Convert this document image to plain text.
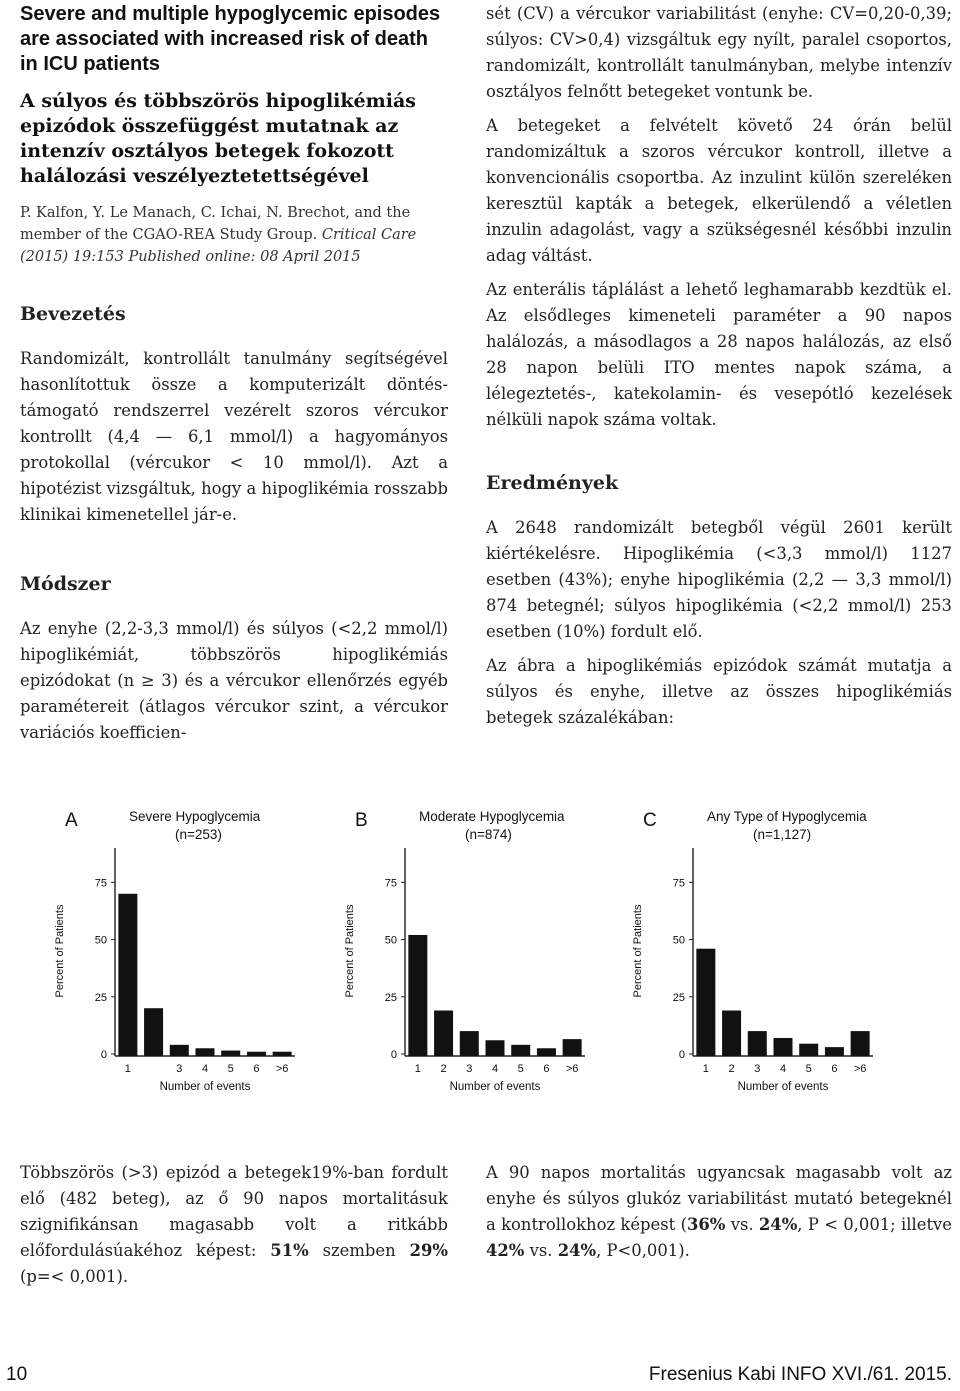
Severe and multiple hypoglycemic episodes are associated with increased risk of death in ICU patients
A súlyos és többszörös hipoglikémiás epizódok összefüggést mutatnak az intenzív osztályos betegek fokozott halálozási veszélyeztetettségével

P. Kalfon, Y. Le Manach, C. Ichai, N. Brechot, and the member of the CGAO-REA Study Group. Critical Care (2015) 19:153 Published online: 08 April 2015

Bevezetés

Randomizált, kontrollált tanulmány segítségével hasonlítottuk össze a komputerizált döntés-támogató rendszerrel vezérelt szoros vércukor kontrollt (4,4 — 6,1 mmol/l) a hagyományos protokollal (vércukor < 10 mmol/l). Azt a hipotézist vizsgáltuk, hogy a hipoglikémia rosszabb klinikai kimenetellel jár-e.

Módszer

Az enyhe (2,2-3,3 mmol/l) és súlyos (<2,2 mmol/l) hipoglikémiát, többszörös hipoglikémiás epizódokat (n ≥ 3) és a vércukor ellenőrzés egyéb paramétereit (átlagos vércukor szint, a vércukor variációs koefficien-

sét (CV) a vércukor variabilitást (enyhe: CV=0,20-0,39; súlyos: CV>0,4) vizsgáltuk egy nyílt, paralel csoportos, randomizált, kontrollált tanulmányban, melybe intenzív osztályos felnőtt betegeket vontunk be.

A betegeket a felvételt követő 24 órán belül randomizáltuk a szoros vércukor kontroll, illetve a konvencionális csoportba. Az inzulint külön szereléken keresztül kapták a betegek, elkerülendő a véletlen inzulin adagolást, vagy a szükségesnél későbbi inzulin adag váltást.

Az enterális táplálást a lehető leghamarabb kezdtük el. Az elsődleges kimeneteli paraméter a 90 napos halálozás, a másodlagos a 28 napos halálozás, az első 28 napon belüli ITO mentes napok száma, a lélegeztetés-, katekolamin- és vesepótló kezelések nélküli napok száma voltak.

Eredmények

A 2648 randomizált betegből végül 2601 került kiértékelésre. Hipoglikémia (<3,3 mmol/l) 1127 esetben (43%); enyhe hipoglikémia (2,2 — 3,3 mmol/l) 874 betegnél; súlyos hipoglikémia (<2,2 mmol/l) 253 esetben (10%) fordult elő.

Az ábra a hipoglikémiás epizódok számát mutatja a súlyos és enyhe, illetve az összes hipoglikémiás betegek százalékában:

A	Severe Hypoglycemia
(n=253)
0
25
50
75
Percent of Patients
1	3 4 5 6 >6
Number of events
B	Moderate Hypoglycemia
(n=874)
0
25
50
75
Percent of Patients
1 2 3 4 5 6 >6
Number of events
C	Any Type of Hypoglycemia
(n=1,127)
0
25
50
75
Percent of Patients
1 2 3 4 5 6 >6
Number of events

Többszörös (>3) epizód a betegek19%-ban fordult elő (482 beteg), az ő 90 napos mortalitásuk szignifikánsan magasabb volt a ritkább előfordulásúakéhoz képest: 51% szemben 29% (p=< 0,001).

A 90 napos mortalitás ugyancsak magasabb volt az enyhe és súlyos glukóz variabilitást mutató betegeknél a kontrollokhoz képest (36% vs. 24%, P < 0,001; illetve 42% vs. 24%, P<0,001).

10	Fresenius Kabi INFO XVI./61. 2015.
